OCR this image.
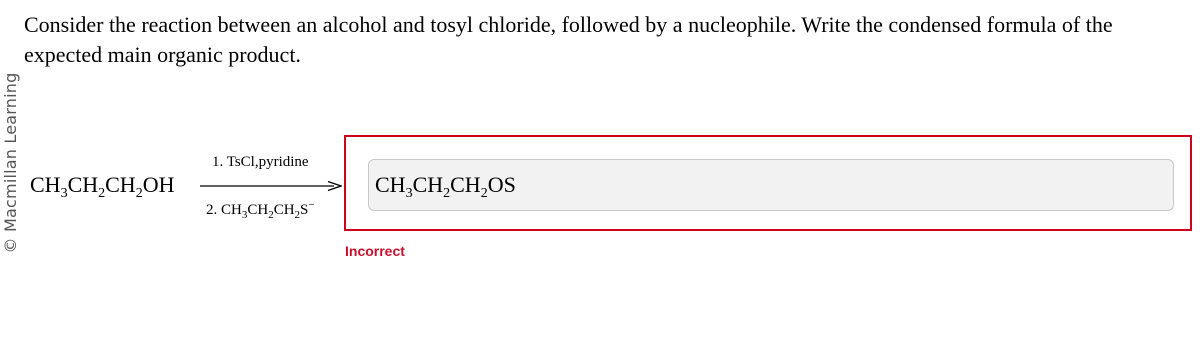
© Macmillan Learning
Consider the reaction between an alcohol and tosyl chloride, followed by a nucleophile. Write the condensed formula of the expected main organic product.
$CH_3CH_2CH_2OH$
1. TsCl,pyridine
2. $CH_3CH_2CH_2S^-$
$CH_3CH_2CH_2OS$
Incorrect
